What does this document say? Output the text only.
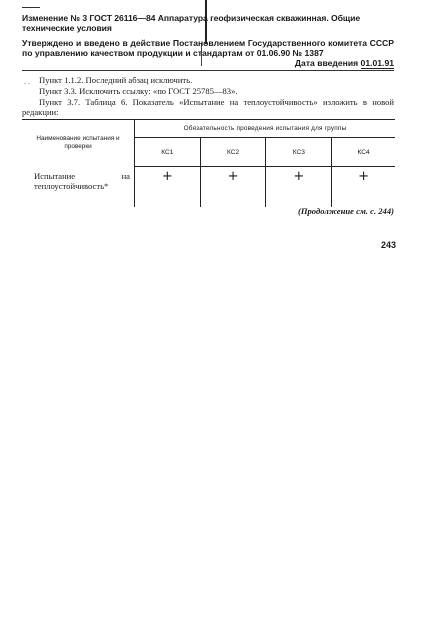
Изменение № 3 ГОСТ 26116—84 Аппаратура геофизическая скважинная. Общие технические условия
Утверждено и введено в действие Постановлением Государственного комитета СССР по управлению качеством продукции и стандартам от 01.06.90 № 1387
Дата введения 01.01.91
. . Пункт 1.1.2. Последний абзац исключить.
Пункт 3.3. Исключить ссылку: «по ГОСТ 25785—83».
Пункт 3.7. Таблица 6. Показатель «Испытание на теплоустойчивость» изложить в новой редакции:
Наименование испытания и проверки	Обязательность проведения испытания для группы			
	КС1	КС2	КС3	КС4
Испытание на теплоустойчивость*	+	+	+	+
(Продолжение см. с. 244)
243
